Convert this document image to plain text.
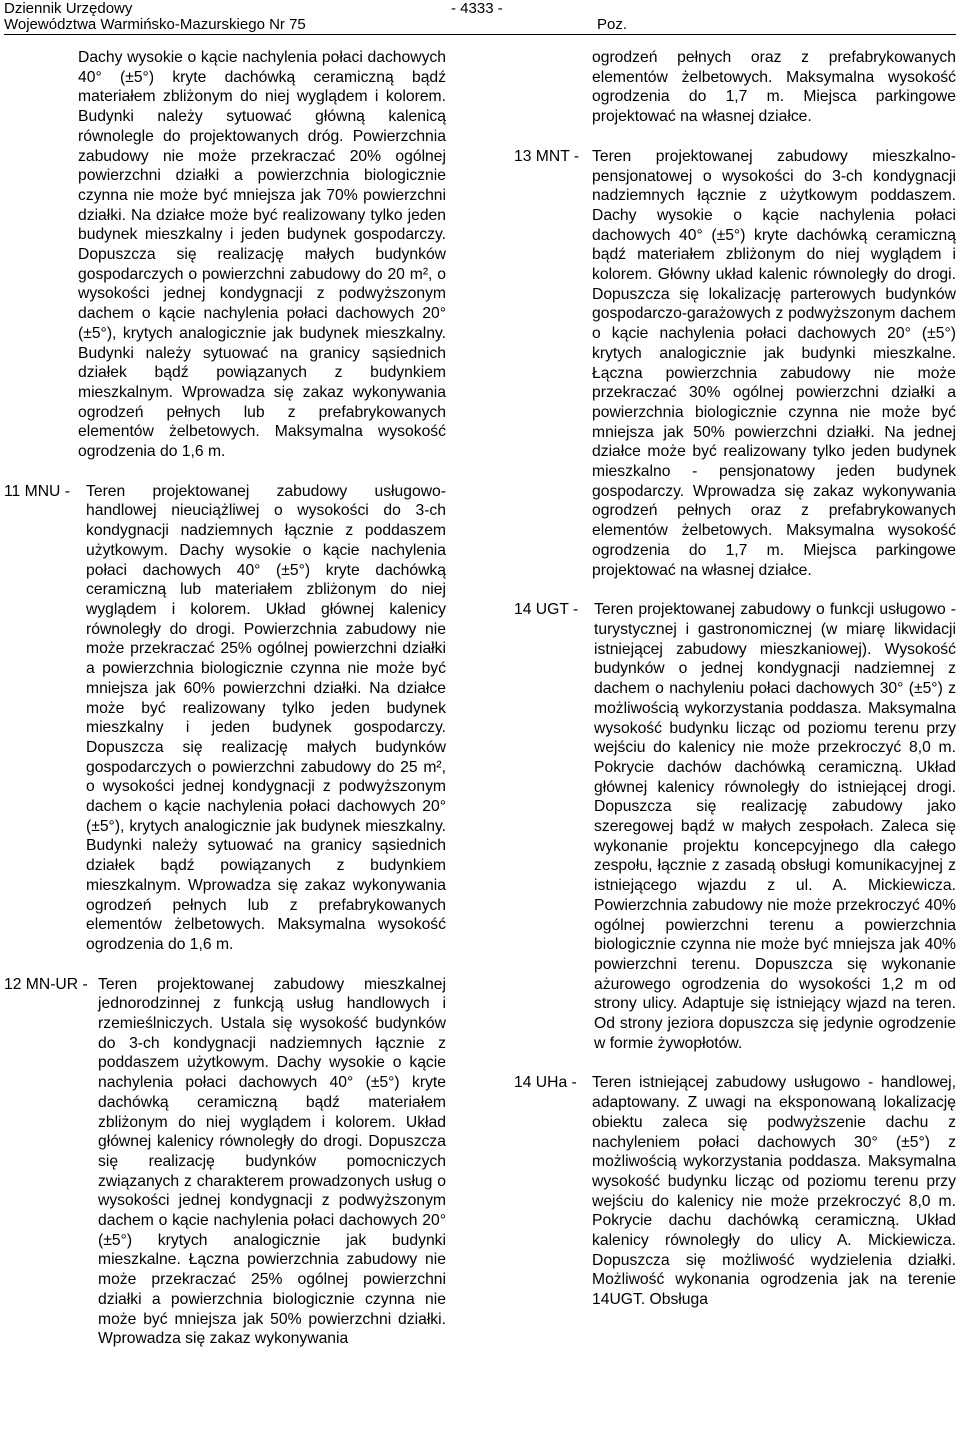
Dziennik Urzędowy
Województwa Warmińsko-Mazurskiego Nr 75
- 4333 -
Poz.

Dachy wysokie o kącie nachylenia połaci dachowych 40° (±5°) kryte dachówką ceramiczną bądź materiałem zbliżonym do niej wyglądem i kolorem. Budynki należy sytuować główną kalenicą równolegle do projektowanych dróg. Powierzchnia zabudowy nie może przekraczać 20% ogólnej powierzchni działki a powierzchnia biologicznie czynna nie może być mniejsza jak 70% powierzchni działki. Na działce może być realizowany tylko jeden budynek mieszkalny i jeden budynek gospodarczy. Dopuszcza się realizację małych budynków gospodarczych o powierzchni zabudowy do 20 m², o wysokości jednej kondygnacji z podwyższonym dachem o kącie nachylenia połaci dachowych 20° (±5°), krytych analogicznie jak budynek mieszkalny. Budynki należy sytuować na granicy sąsiednich działek bądź powiązanych z budynkiem mieszkalnym. Wprowadza się zakaz wykonywania ogrodzeń pełnych lub z prefabrykowanych elementów żelbetowych. Maksymalna wysokość ogrodzenia do 1,6 m.

11 MNU - Teren projektowanej zabudowy usługowo-handlowej nieuciążliwej o wysokości do 3-ch kondygnacji nadziemnych łącznie z poddaszem użytkowym. Dachy wysokie o kącie nachylenia połaci dachowych 40° (±5°) kryte dachówką ceramiczną lub materiałem zbliżonym do niej wyglądem i kolorem. Układ głównej kalenicy równoległy do drogi. Powierzchnia zabudowy nie może przekraczać 25% ogólnej powierzchni działki a powierzchnia biologicznie czynna nie może być mniejsza jak 60% powierzchni działki. Na działce może być realizowany tylko jeden budynek mieszkalny i jeden budynek gospodarczy. Dopuszcza się realizację małych budynków gospodarczych o powierzchni zabudowy do 25 m², o wysokości jednej kondygnacji z podwyższonym dachem o kącie nachylenia połaci dachowych 20° (±5°), krytych analogicznie jak budynek mieszkalny. Budynki należy sytuować na granicy sąsiednich działek bądź powiązanych z budynkiem mieszkalnym. Wprowadza się zakaz wykonywania ogrodzeń pełnych lub z prefabrykowanych elementów żelbetowych. Maksymalna wysokość ogrodzenia do 1,6 m.
12 MN-UR - Teren projektowanej zabudowy mieszkalnej jednorodzinnej z funkcją usług handlowych i rzemieślniczych. Ustala się wysokość budynków do 3-ch kondygnacji nadziemnych łącznie z poddaszem użytkowym. Dachy wysokie o kącie nachylenia połaci dachowych 40° (±5°) kryte dachówką ceramiczną bądź materiałem zbliżonym do niej wyglądem i kolorem. Układ głównej kalenicy równoległy do drogi. Dopuszcza się realizację budynków pomocniczych związanych z charakterem prowadzonych usług o wysokości jednej kondygnacji z podwyższonym dachem o kącie nachylenia połaci dachowych 20° (±5°) krytych analogicznie jak budynki mieszkalne. Łączna powierzchnia zabudowy nie może przekraczać 25% ogólnej powierzchni działki a powierzchnia biologicznie czynna nie może być mniejsza jak 50% powierzchni działki. Wprowadza się zakaz wykonywania

ogrodzeń pełnych oraz z prefabrykowanych elementów żelbetowych. Maksymalna wysokość ogrodzenia do 1,7 m. Miejsca parkingowe projektować na własnej działce.

13 MNT - Teren projektowanej zabudowy mieszkalno-pensjonatowej o wysokości do 3-ch kondygnacji nadziemnych łącznie z użytkowym poddaszem. Dachy wysokie o kącie nachylenia połaci dachowych 40° (±5°) kryte dachówką ceramiczną bądź materiałem zbliżonym do niej wyglądem i kolorem. Główny układ kalenic równoległy do drogi. Dopuszcza się lokalizację parterowych budynków gospodarczo-garażowych z podwyższonym dachem o kącie nachylenia połaci dachowych 20° (±5°) krytych analogicznie jak budynki mieszkalne. Łączna powierzchnia zabudowy nie może przekraczać 30% ogólnej powierzchni działki a powierzchnia biologicznie czynna nie może być mniejsza jak 50% powierzchni działki. Na jednej działce może być realizowany tylko jeden budynek mieszkalno - pensjonatowy jeden budynek gospodarczy. Wprowadza się zakaz wykonywania ogrodzeń pełnych oraz z prefabrykowanych elementów żelbetowych. Maksymalna wysokość ogrodzenia do 1,7 m. Miejsca parkingowe projektować na własnej działce.
14 UGT - Teren projektowanej zabudowy o funkcji usługowo - turystycznej i gastronomicznej (w miarę likwidacji istniejącej zabudowy mieszkaniowej). Wysokość budynków o jednej kondygnacji nadziemnej z dachem o nachyleniu połaci dachowych 30° (±5°) z możliwością wykorzystania poddasza. Maksymalna wysokość budynku licząc od poziomu terenu przy wejściu do kalenicy nie może przekroczyć 8,0 m. Pokrycie dachów dachówką ceramiczną. Układ głównej kalenicy równoległy do istniejącej drogi. Dopuszcza się realizację zabudowy jako szeregowej bądź w małych zespołach. Zaleca się wykonanie projektu koncepcyjnego dla całego zespołu, łącznie z zasadą obsługi komunikacyjnej z istniejącego wjazdu z ul. A. Mickiewicza. Powierzchnia zabudowy nie może przekroczyć 40% ogólnej powierzchni terenu a powierzchnia biologicznie czynna nie może być mniejsza jak 40% powierzchni terenu. Dopuszcza się wykonanie ażurowego ogrodzenia do wysokości 1,2 m od strony ulicy. Adaptuje się istniejący wjazd na teren. Od strony jeziora dopuszcza się jedynie ogrodzenie w formie żywopłotów.
14 UHa - Teren istniejącej zabudowy usługowo - handlowej, adaptowany. Z uwagi na eksponowaną lokalizację obiektu zaleca się podwyższenie dachu z nachyleniem połaci dachowych 30° (±5°) z możliwością wykorzystania poddasza. Maksymalna wysokość budynku licząc od poziomu terenu przy wejściu do kalenicy nie może przekroczyć 8,0 m. Pokrycie dachu dachówką ceramiczną. Układ kalenicy równoległy do ulicy A. Mickiewicza. Dopuszcza się możliwość wydzielenia działki. Możliwość wykonania ogrodzenia jak na terenie 14UGT. Obsługa
